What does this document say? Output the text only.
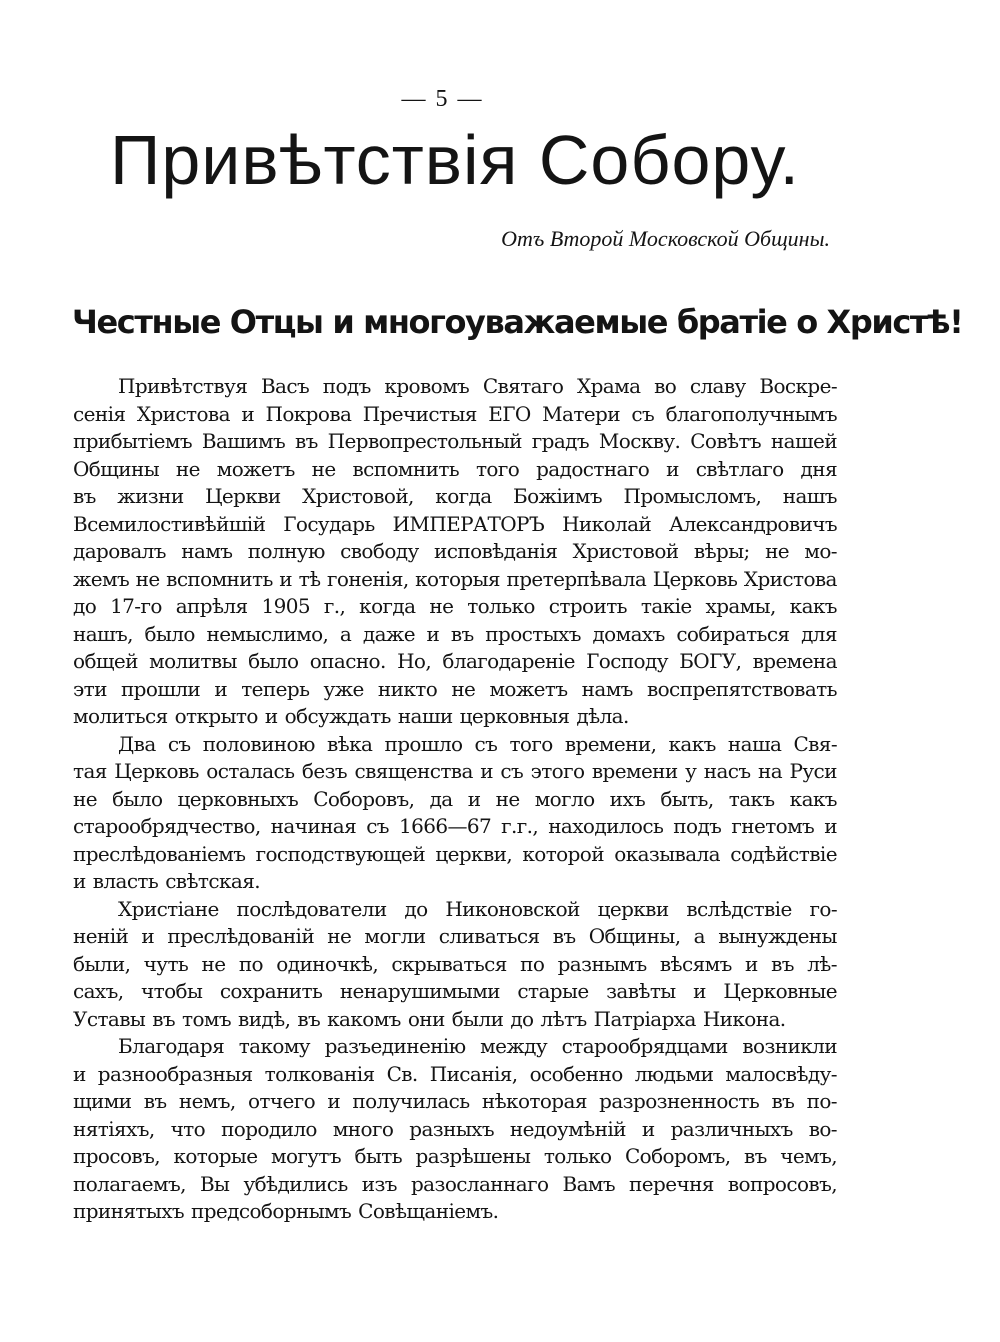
— 5 —
Привѣтствія Собору.

Отъ Второй Московской Общины.

Честные Отцы и многоуважаемые братіе о Христѣ!
Привѣтствуя Васъ подъ кровомъ Святаго Храма во славу Воскре-
сенія Христова и Покрова Пречистыя ЕГО Матери съ благополучнымъ
прибытіемъ Вашимъ въ Первопрестольный градъ Москву. Совѣтъ нашей
Общины не можетъ не вспомнить того радостнаго и свѣтлаго дня
въ жизни Церкви Христовой, когда Божіимъ Промысломъ, нашъ
Всемилостивѣйшій Государь ИМПЕРАТОРЪ Николай Александровичъ
даровалъ намъ полную свободу исповѣданія Христовой вѣры; не мо-
жемъ не вспомнить и тѣ гоненія, которыя претерпѣвала Церковь Христова
до 17-го апрѣля 1905 г., когда не только строить такіе храмы, какъ
нашъ, было немыслимо, а даже и въ простыхъ домахъ собираться для
общей молитвы было опасно. Но, благодареніе Господу БОГУ, времена
эти прошли и теперь уже никто не можетъ намъ воспрепятствовать
молиться открыто и обсуждать наши церковныя дѣла.
Два съ половиною вѣка прошло съ того времени, какъ наша Свя-
тая Церковь осталась безъ священства и съ этого времени у насъ на Руси
не было церковныхъ Соборовъ, да и не могло ихъ быть, такъ какъ
старообрядчество, начиная съ 1666—67 г.г., находилось подъ гнетомъ и
преслѣдованіемъ господствующей церкви, которой оказывала содѣйствіе
и власть свѣтская.
Христіане послѣдователи до Никоновской церкви вслѣдствіе го-
неній и преслѣдованій не могли сливаться въ Общины, а вынуждены
были, чуть не по одиночкѣ, скрываться по разнымъ вѣсямъ и въ лѣ-
сахъ, чтобы сохранить ненарушимыми старые завѣты и Церковные
Уставы въ томъ видѣ, въ какомъ они были до лѣтъ Патріарха Никона.
Благодаря такому разъединенію между старообрядцами возникли
и разнообразныя толкованія Св. Писанія, особенно людьми малосвѣду-
щими въ немъ, отчего и получилась нѣкоторая разрозненность въ по-
нятіяхъ, что породило много разныхъ недоумѣній и различныхъ во-
просовъ, которые могутъ быть разрѣшены только Соборомъ, въ чемъ,
полагаемъ, Вы убѣдились изъ разосланнаго Вамъ перечня вопросовъ,
принятыхъ предсоборнымъ Совѣщаніемъ.
